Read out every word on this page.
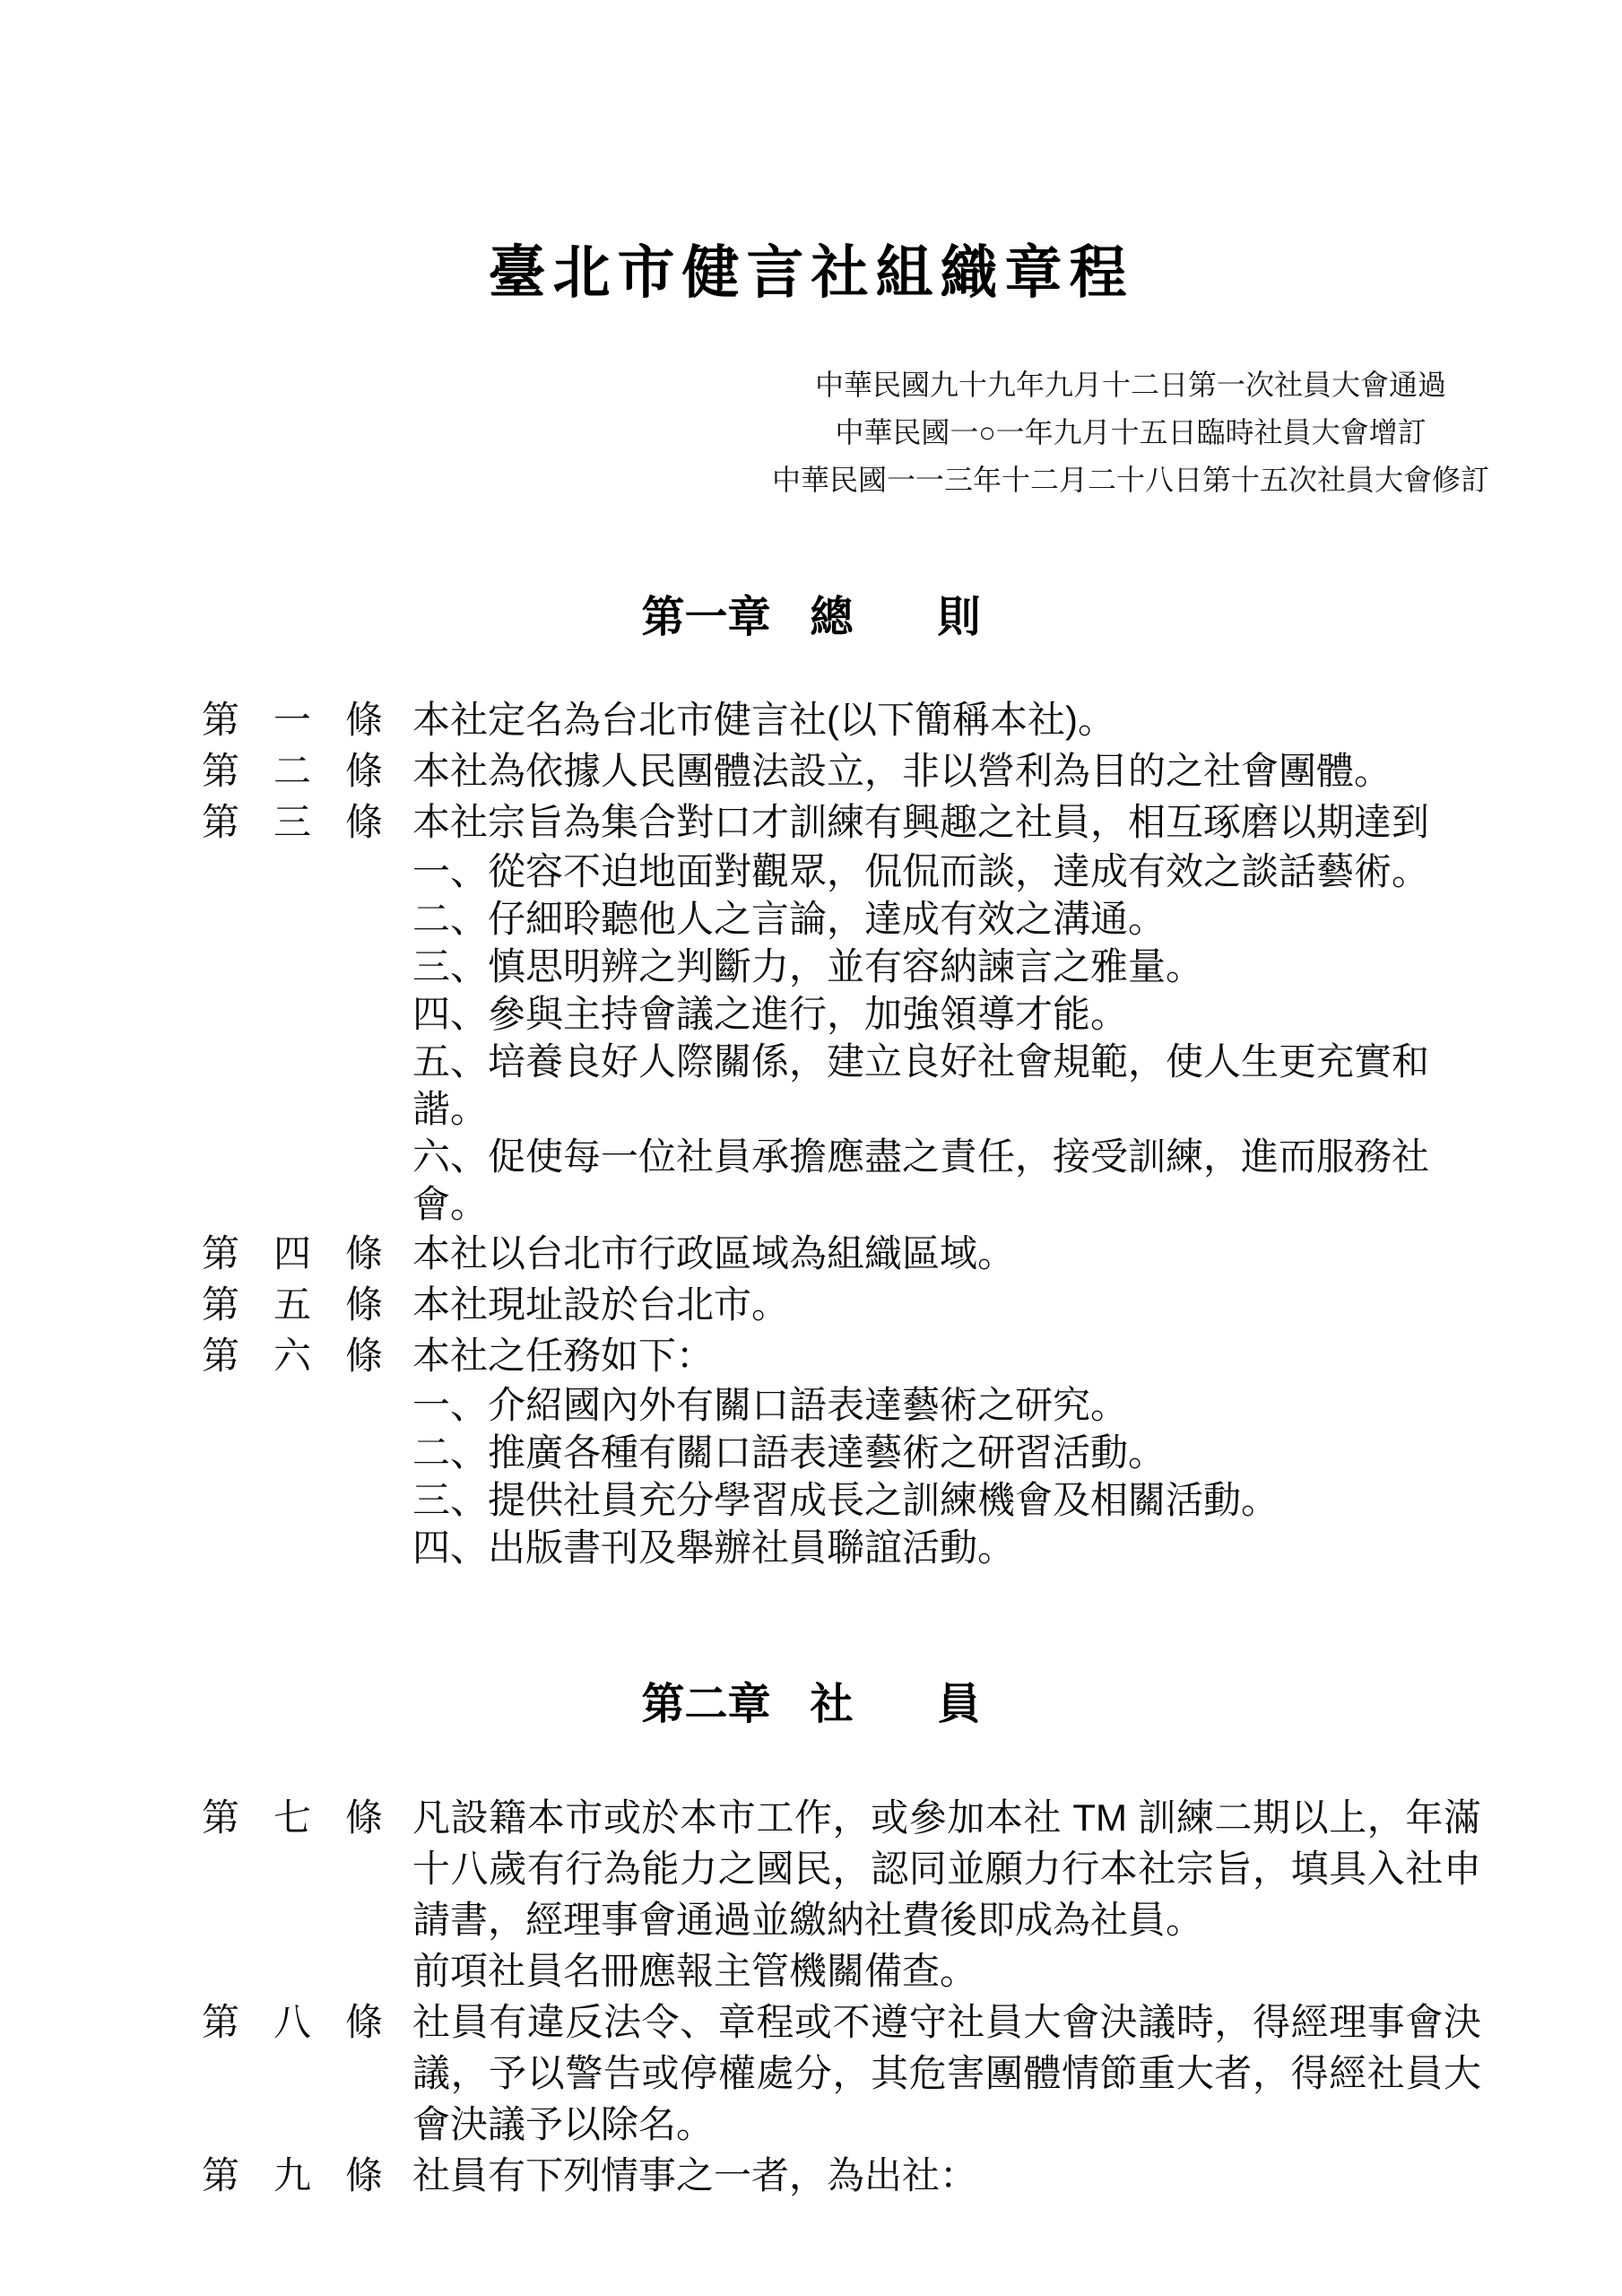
臺北市健言社組織章程
中華民國九十九年九月十二日第一次社員大會通過
中華民國一○一年九月十五日臨時社員大會增訂
中華民國一一三年十二月二十八日第十五次社員大會修訂
第一章 總 則
第 一 條 本社定名為台北市健言社(以下簡稱本社)。

第 二 條 本社為依據人民團體法設立，非以營利為目的之社會團體。

第 三 條 本社宗旨為集合對口才訓練有興趣之社員，相互琢磨以期達到

一、從容不迫地面對觀眾，侃侃而談，達成有效之談話藝術。

二、仔細聆聽他人之言論，達成有效之溝通。

三、慎思明辨之判斷力，並有容納諫言之雅量。

四、參與主持會議之進行，加強領導才能。

五、培養良好人際關係，建立良好社會規範，使人生更充實和諧。

六、促使每一位社員承擔應盡之責任，接受訓練，進而服務社會。

第 四 條 本社以台北市行政區域為組織區域。

第 五 條 本社現址設於台北市。

第 六 條 本社之任務如下：

一、介紹國內外有關口語表達藝術之研究。

二、推廣各種有關口語表達藝術之研習活動。

三、提供社員充分學習成長之訓練機會及相關活動。

四、出版書刊及舉辦社員聯誼活動。

第二章 社 員
第 七 條 凡設籍本市或於本市工作，或參加本社 TM 訓練二期以上，年滿十八歲有行為能力之國民，認同並願力行本社宗旨，填具入社申請書，經理事會通過並繳納社費後即成為社員。

前項社員名冊應報主管機關備查。

第 八 條 社員有違反法令、章程或不遵守社員大會決議時，得經理事會決議，予以警告或停權處分，其危害團體情節重大者，得經社員大會決議予以除名。

第 九 條 社員有下列情事之一者，為出社：
